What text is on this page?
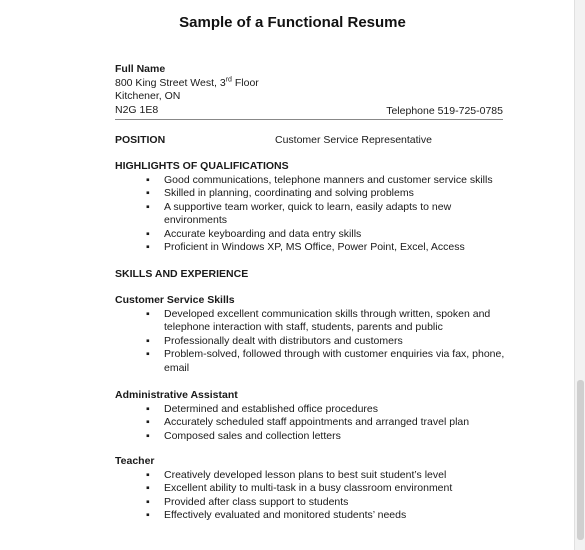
Sample of a Functional Resume
Full Name
800 King Street West, 3rd Floor
Kitchener, ON
N2G 1E8	Telephone 519-725-0785
POSITION	Customer Service Representative
HIGHLIGHTS OF QUALIFICATIONS
▪ Good communications, telephone manners and customer service skills
▪ Skilled in planning, coordinating and solving problems
▪ A supportive team worker, quick to learn, easily adapts to new environments
▪ Accurate keyboarding and data entry skills
▪ Proficient in Windows XP, MS Office, Power Point, Excel, Access
SKILLS AND EXPERIENCE
Customer Service Skills
▪ Developed excellent communication skills through written, spoken and telephone interaction with staff, students, parents and public
▪ Professionally dealt with distributors and customers
▪ Problem-solved, followed through with customer enquiries via fax, phone, email
Administrative Assistant
▪ Determined and established office procedures
▪ Accurately scheduled staff appointments and arranged travel plan
▪ Composed sales and collection letters
Teacher
▪ Creatively developed lesson plans to best suit student’s level
▪ Excellent ability to multi-task in a busy classroom environment
▪ Provided after class support to students
▪ Effectively evaluated and monitored students’ needs
